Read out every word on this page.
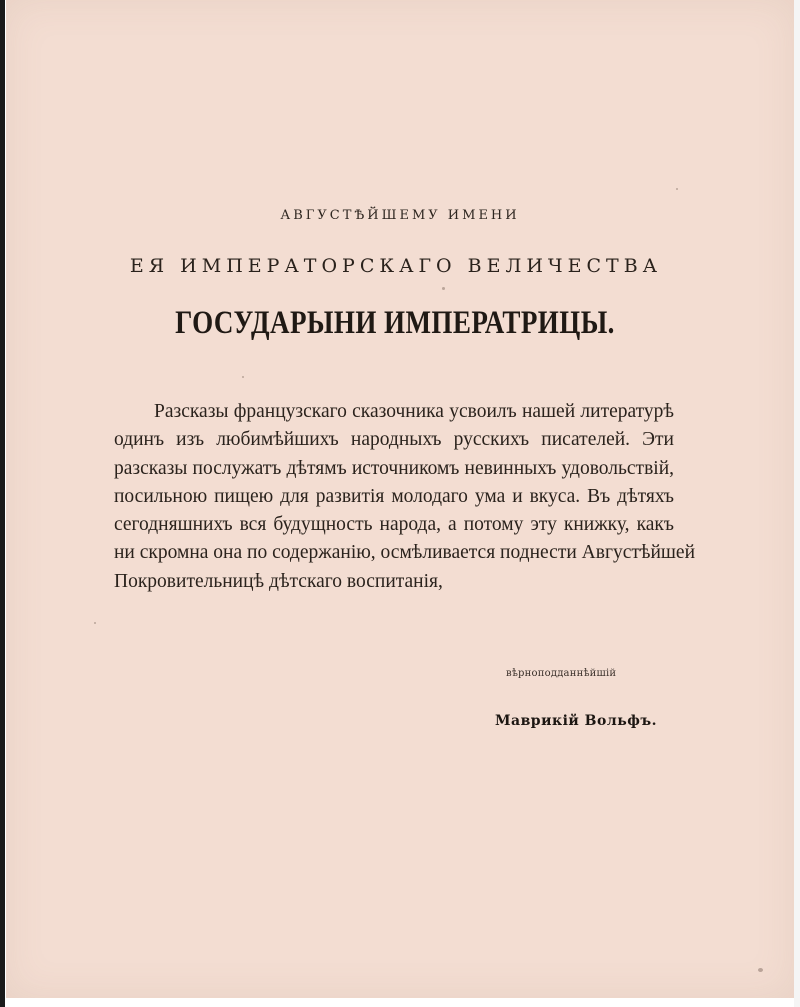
АВГУСТѢЙШЕМУ ИМЕНИ
ЕЯ ИМПЕРАТОРСКАГО ВЕЛИЧЕСТВА
ГОСУДАРЫНИ ИМПЕРАТРИЦЫ.
Разсказы французскаго сказочника усвоилъ нашей литературѣ
одинъ изъ любимѣйшихъ народныхъ русскихъ писателей. Эти
разсказы послужатъ дѣтямъ источникомъ невинныхъ удовольствій,
посильною пищею для развитія молодаго ума и вкуса. Въ дѣтяхъ
сегодняшнихъ вся будущность народа, а потому эту книжку, какъ
ни скромна она по содержанію, осмѣливается поднести Августѣйшей
Покровительницѣ дѣтскаго воспитанія,
вѣрноподданнѣйшій
Маврикій Вольфъ.
